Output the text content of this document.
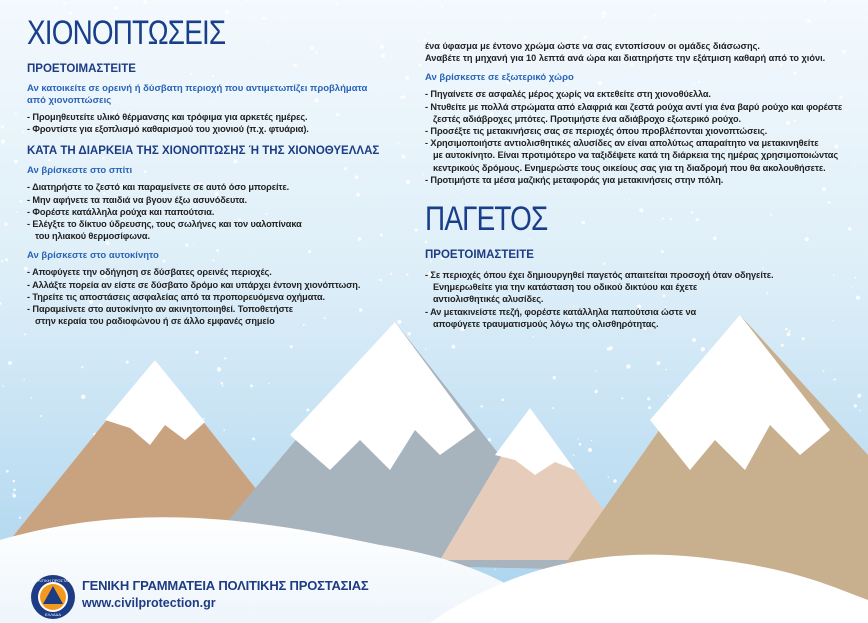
ΧΙΟΝΟΠΤΩΣΕΙΣ
ΠΡΟΕΤΟΙΜΑΣΤΕΙΤΕ
Αν κατοικείτε σε ορεινή ή δύσβατη περιοχή που αντιμετωπίζει προβλήματα από χιονοπτώσεις
- Προμηθευτείτε υλικό θέρμανσης και τρόφιμα για αρκετές ημέρες.
- Φροντίστε για εξοπλισμό καθαρισμού του χιονιού (π.χ. φτυάρια).
ΚΑΤΑ ΤΗ ΔΙΑΡΚΕΙΑ ΤΗΣ ΧΙΟΝΟΠΤΩΣΗΣ Ή ΤΗΣ ΧΙΟΝΟΘΥΕΛΛΑΣ
Αν βρίσκεστε στο σπίτι
- Διατηρήστε το ζεστό και παραμείνετε σε αυτό όσο μπορείτε.
- Μην αφήνετε τα παιδιά να βγουν έξω ασυνόδευτα.
- Φορέστε κατάλληλα ρούχα και παπούτσια.
- Ελέγξτε το δίκτυο ύδρευσης, τους σωλήνες και τον υαλοπίνακα
του ηλιακού θερμοσίφωνα.
Αν βρίσκεστε στο αυτοκίνητο
- Αποφύγετε την οδήγηση σε δύσβατες ορεινές περιοχές.
- Αλλάξτε πορεία αν είστε σε δύσβατο δρόμο και υπάρχει έντονη χιονόπτωση.
- Τηρείτε τις αποστάσεις ασφαλείας από τα προπορευόμενα οχήματα.
- Παραμείνετε στο αυτοκίνητο αν ακινητοποιηθεί. Τοποθετήστε
στην κεραία του ραδιοφώνου ή σε άλλο εμφανές σημείο

ένα ύφασμα με έντονο χρώμα ώστε να σας εντοπίσουν οι ομάδες διάσωσης.

Αναβέτε τη μηχανή για 10 λεπτά ανά ώρα και διατηρήστε την εξάτμιση καθαρή από το χιόνι.

Αν βρίσκεστε σε εξωτερικό χώρο
- Πηγαίνετε σε ασφαλές μέρος χωρίς να εκτεθείτε στη χιονοθύελλα.
- Ντυθείτε με πολλά στρώματα από ελαφριά και ζεστά ρούχα αντί για ένα βαρύ ρούχο και φορέστε
ζεστές αδιάβροχες μπότες. Προτιμήστε ένα αδιάβροχο εξωτερικό ρούχο.
- Προσέξτε τις μετακινήσεις σας σε περιοχές όπου προβλέπονται χιονοπτώσεις.
- Χρησιμοποιήστε αντιολισθητικές αλυσίδες αν είναι απολύτως απαραίτητο να μετακινηθείτε
με αυτοκίνητο. Είναι προτιμότερο να ταξιδέψετε κατά τη διάρκεια της ημέρας χρησιμοποιώντας
κεντρικούς δρόμους. Ενημερώστε τους οικείους σας για τη διαδρομή που θα ακολουθήσετε.
- Προτιμήστε τα μέσα μαζικής μεταφοράς για μετακινήσεις στην πόλη.
ΠΑΓΕΤΟΣ
ΠΡΟΕΤΟΙΜΑΣΤΕΙΤΕ
- Σε περιοχές όπου έχει δημιουργηθεί παγετός απαιτείται προσοχή όταν οδηγείτε.
Ενημερωθείτε για την κατάσταση του οδικού δικτύου και έχετε
αντιολισθητικές αλυσίδες.
- Αν μετακινείστε πεζή, φορέστε κατάλληλα παπούτσια ώστε να
αποφύγετε τραυματισμούς λόγω της ολισθηρότητας.
ΠΟΛΙΤΙΚΗ ΠΡΟΣΤΑΣΙΑ
ΕΛΛΑΔΑ
ΓΕΝΙΚΗ ΓΡΑΜΜΑΤΕΙΑ ΠΟΛΙΤΙΚΗΣ ΠΡΟΣΤΑΣΙΑΣ
www.civilprotection.gr
